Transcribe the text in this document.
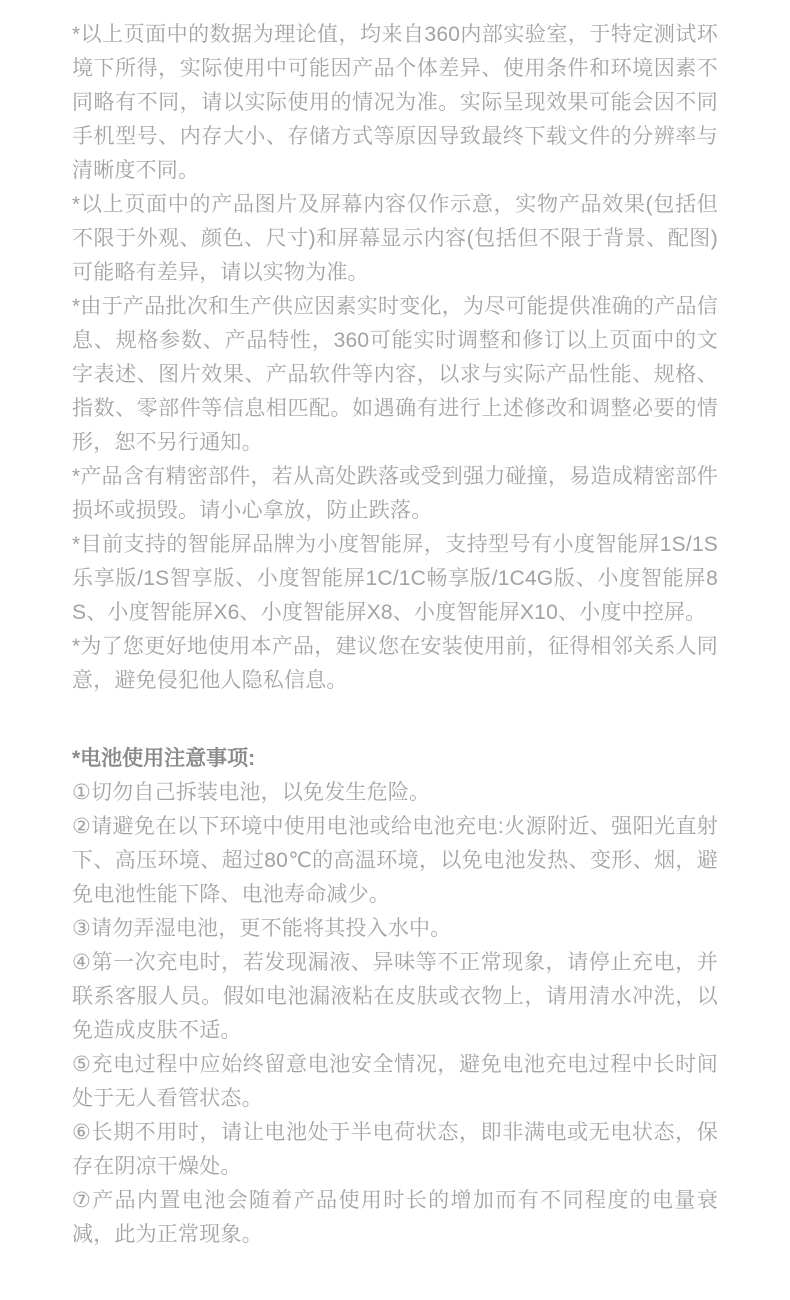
*以上页面中的数据为理论值，均来自360内部实验室，于特定测试环境下所得，实际使用中可能因产品个体差异、使用条件和环境因素不同略有不同，请以实际使用的情况为准。实际呈现效果可能会因不同手机型号、内存大小、存储方式等原因导致最终下载文件的分辨率与清晰度不同。

*以上页面中的产品图片及屏幕内容仅作示意，实物产品效果(包括但不限于外观、颜色、尺寸)和屏幕显示内容(包括但不限于背景、配图)可能略有差异，请以实物为准。

*由于产品批次和生产供应因素实时变化，为尽可能提供准确的产品信息、规格参数、产品特性，360可能实时调整和修订以上页面中的文字表述、图片效果、产品软件等内容，以求与实际产品性能、规格、指数、零部件等信息相匹配。如遇确有进行上述修改和调整必要的情形，恕不另行通知。

*产品含有精密部件，若从高处跌落或受到强力碰撞，易造成精密部件损坏或损毁。请小心拿放，防止跌落。

*目前支持的智能屏品牌为小度智能屏，支持型号有小度智能屏1S/1S乐享版/1S智享版、小度智能屏1C/1C畅享版/1C4G版、小度智能屏8S、小度智能屏X6、小度智能屏X8、小度智能屏X10、小度中控屏。

*为了您更好地使用本产品，建议您在安装使用前，征得相邻关系人同意，避免侵犯他人隐私信息。

*电池使用注意事项:

①切勿自己拆装电池，以免发生危险。

②请避免在以下环境中使用电池或给电池充电:火源附近、强阳光直射下、高压环境、超过80℃的高温环境，以免电池发热、变形、烟，避免电池性能下降、电池寿命减少。

③请勿弄湿电池，更不能将其投入水中。

④第一次充电时，若发现漏液、异味等不正常现象，请停止充电，并联系客服人员。假如电池漏液粘在皮肤或衣物上，请用清水冲洗，以免造成皮肤不适。

⑤充电过程中应始终留意电池安全情况，避免电池充电过程中长时间处于无人看管状态。

⑥长期不用时，请让电池处于半电荷状态，即非满电或无电状态，保存在阴凉干燥处。

⑦产品内置电池会随着产品使用时长的增加而有不同程度的电量衰减，此为正常现象。
